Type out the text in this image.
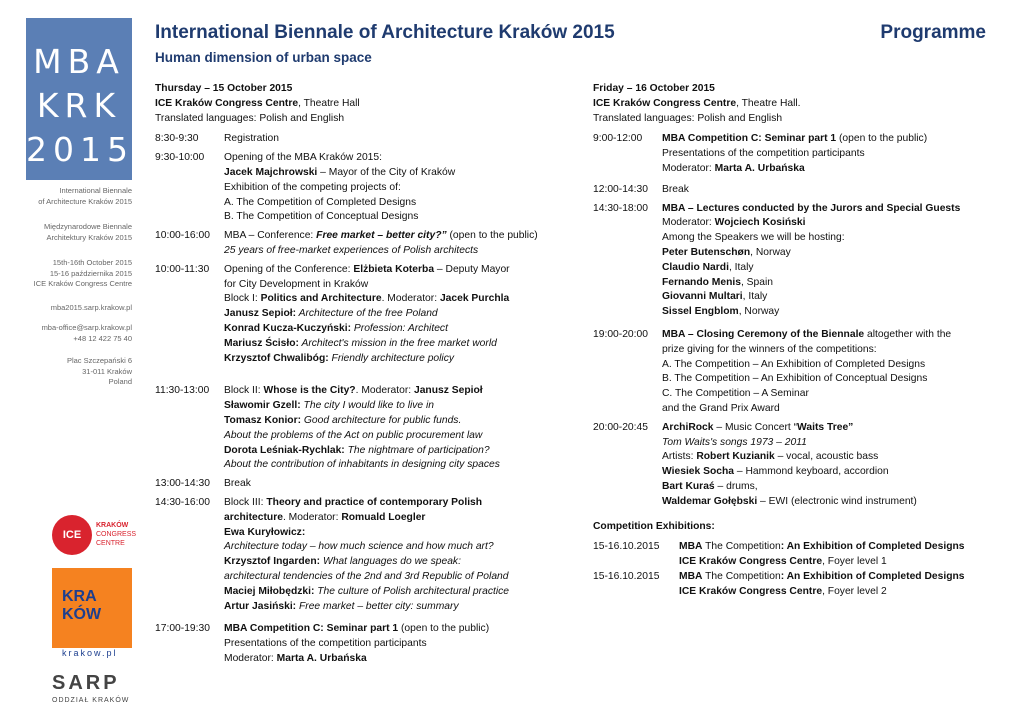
MBA
KRK
2015
International Biennale
of Architecture Kraków 2015
Międzynarodowe Biennale
Architektury Kraków 2015
15th-16th October 2015
15-16 października 2015
ICE Kraków Congress Centre
mba2015.sarp.krakow.pl
mba-office@sarp.krakow.pl
+48 12 422 75 40
Plac Szczepański 6
31-011 Kraków
Poland
ICE
KRAKÓW
CONGRESS
CENTRE
KRA
KÓW
krakow.pl
SARP
ODDZIAŁ KRAKÓW
International Biennale of Architecture Kraków 2015	Programme
Human dimension of urban space
Thursday – 15 October 2015
ICE Kraków Congress Centre, Theatre Hall
Translated languages: Polish and English
8:30-9:30	Registration
9:30-10:00	Opening of the MBA Kraków 2015:
Jacek Majchrowski – Mayor of the City of Kraków
Exhibition of the competing projects of:
A. The Competition of Completed Designs
B. The Competition of Conceptual Designs
10:00-16:00	MBA – Conference: Free market – better city?” (open to the public)
25 years of free-market experiences of Polish architects
10:00-11:30	Opening of the Conference: Elżbieta Koterba – Deputy Mayor
for City Development in Kraków
Block I: Politics and Architecture. Moderator: Jacek Purchla
Janusz Sepioł: Architecture of the free Poland
Konrad Kucza-Kuczyński: Profession: Architect
Mariusz Ścisło: Architect's mission in the free market world
Krzysztof Chwalibóg: Friendly architecture policy
11:30-13:00	Block II: Whose is the City?. Moderator: Janusz Sepioł
Sławomir Gzell: The city I would like to live in
Tomasz Konior: Good architecture for public funds.
About the problems of the Act on public procurement law
Dorota Leśniak-Rychlak: The nightmare of participation?
About the contribution of inhabitants in designing city spaces
13:00-14:30	Break
14:30-16:00	Block III: Theory and practice of contemporary Polish
architecture. Moderator: Romuald Loegler
Ewa Kuryłowicz:
Architecture today – how much science and how much art?
Krzysztof Ingarden: What languages do we speak:
architectural tendencies of the 2nd and 3rd Republic of Poland
Maciej Miłobędzki: The culture of Polish architectural practice
Artur Jasiński: Free market – better city: summary
17:00-19:30	MBA Competition C: Seminar part 1 (open to the public)
Presentations of the competition participants
Moderator: Marta A. Urbańska
Friday – 16 October 2015
ICE Kraków Congress Centre, Theatre Hall.
Translated languages: Polish and English
9:00-12:00	MBA Competition C: Seminar part 1 (open to the public)
Presentations of the competition participants
Moderator: Marta A. Urbańska
12:00-14:30	Break
14:30-18:00	MBA – Lectures conducted by the Jurors and Special Guests
Moderator: Wojciech Kosiński
Among the Speakers we will be hosting:
Peter Butenschøn, Norway
Claudio Nardi, Italy
Fernando Menis, Spain
Giovanni Multari, Italy
Sissel Engblom, Norway
19:00-20:00	MBA – Closing Ceremony of the Biennale altogether with the
prize giving for the winners of the competitions:
A. The Competition – An Exhibition of Completed Designs
B. The Competition – An Exhibition of Conceptual Designs
C. The Competition – A Seminar
and the Grand Prix Award
20:00-20:45	ArchiRock – Music Concert “Waits Tree”
Tom Waits's songs 1973 – 2011
Artists: Robert Kuzianik – vocal, acoustic bass
Wiesiek Socha – Hammond keyboard, accordion
Bart Kuraś – drums,
Waldemar Gołębski – EWI (electronic wind instrument)
Competition Exhibitions:
15-16.10.2015	MBA The Competition: An Exhibition of Completed Designs
ICE Kraków Congress Centre, Foyer level 1
15-16.10.2015	MBA The Competition: An Exhibition of Completed Designs
ICE Kraków Congress Centre, Foyer level 2
